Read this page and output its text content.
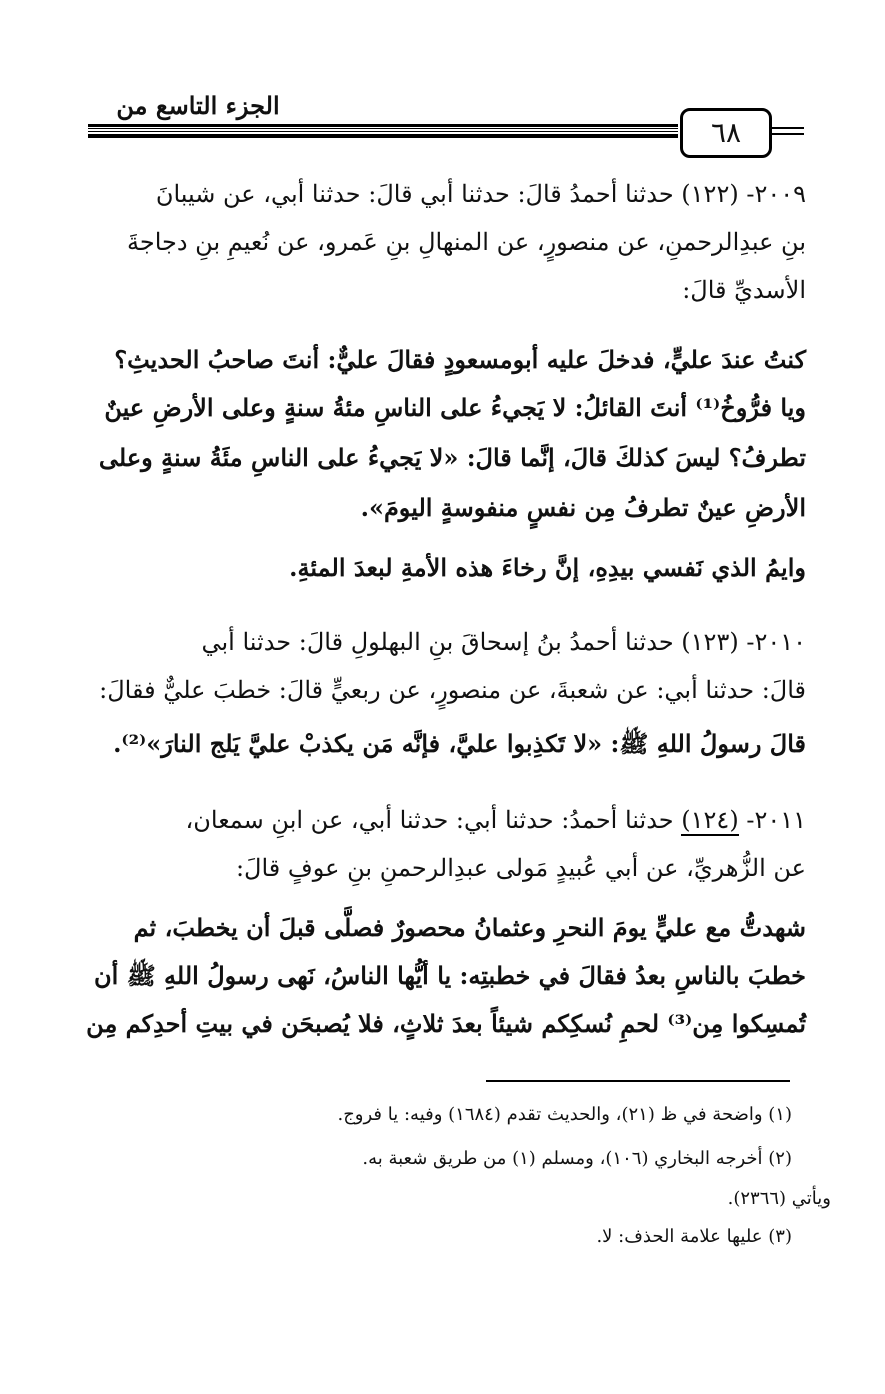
الجزء التاسع من
٦٨
٢٠٠٩- (١٢٢) حدثنا أحمدُ قالَ: حدثنا أبي قالَ: حدثنا أبي، عن شيبانَ
بنِ عبدِالرحمنِ، عن منصورٍ، عن المنهالِ بنِ عَمرو، عن نُعيمِ بنِ دجاجةَ
الأسديِّ قالَ:
كنتُ عندَ عليٍّ، فدخلَ عليه أبومسعودٍ فقالَ عليٌّ: أنتَ صاحبُ الحديثِ؟
ويا فرُّوخُ⁽¹⁾ أنتَ القائلُ: لا يَجيءُ على الناسِ مئةُ سنةٍ وعلى الأرضِ عينٌ
تطرفُ؟ ليسَ كذلكَ قالَ، إنَّما قالَ: «لا يَجيءُ على الناسِ مئَةُ سنةٍ وعلى
الأرضِ عينٌ تطرفُ مِن نفسٍ منفوسةٍ اليومَ».
وايمُ الذي نَفسي بيدِهِ، إنَّ رخاءَ هذه الأمةِ لبعدَ المئةِ.
٢٠١٠- (١٢٣) حدثنا أحمدُ بنُ إسحاقَ بنِ البهلولِ قالَ: حدثنا أبي
قالَ: حدثنا أبي: عن شعبةَ، عن منصورٍ، عن ربعيٍّ قالَ: خطبَ عليٌّ فقالَ:
قالَ رسولُ اللهِ ﷺ: «لا تَكذِبوا عليَّ، فإنَّه مَن يكذبْ عليَّ يَلج النارَ»⁽²⁾.
٢٠١١- (١٢٤) حدثنا أحمدُ: حدثنا أبي: حدثنا أبي، عن ابنِ سمعان،
عن الزُّهريِّ، عن أبي عُبيدٍ مَولى عبدِالرحمنِ بنِ عوفٍ قالَ:
شهدتُّ مع عليٍّ يومَ النحرِ وعثمانُ محصورٌ فصلَّى قبلَ أن يخطبَ، ثم
خطبَ بالناسِ بعدُ فقالَ في خطبتِه: يا أيُّها الناسُ، نَهى رسولُ اللهِ ﷺ أن
تُمسِكوا مِن⁽³⁾ لحمِ نُسكِكم شيئاً بعدَ ثلاثٍ، فلا يُصبحَن في بيتِ أحدِكم مِن
(١) واضحة في ظ (٢١)، والحديث تقدم (١٦٨٤) وفيه: يا فروج.
(٢) أخرجه البخاري (١٠٦)، ومسلم (١) من طريق شعبة به.
ويأتي (٢٣٦٦).
(٣) عليها علامة الحذف: لا.
